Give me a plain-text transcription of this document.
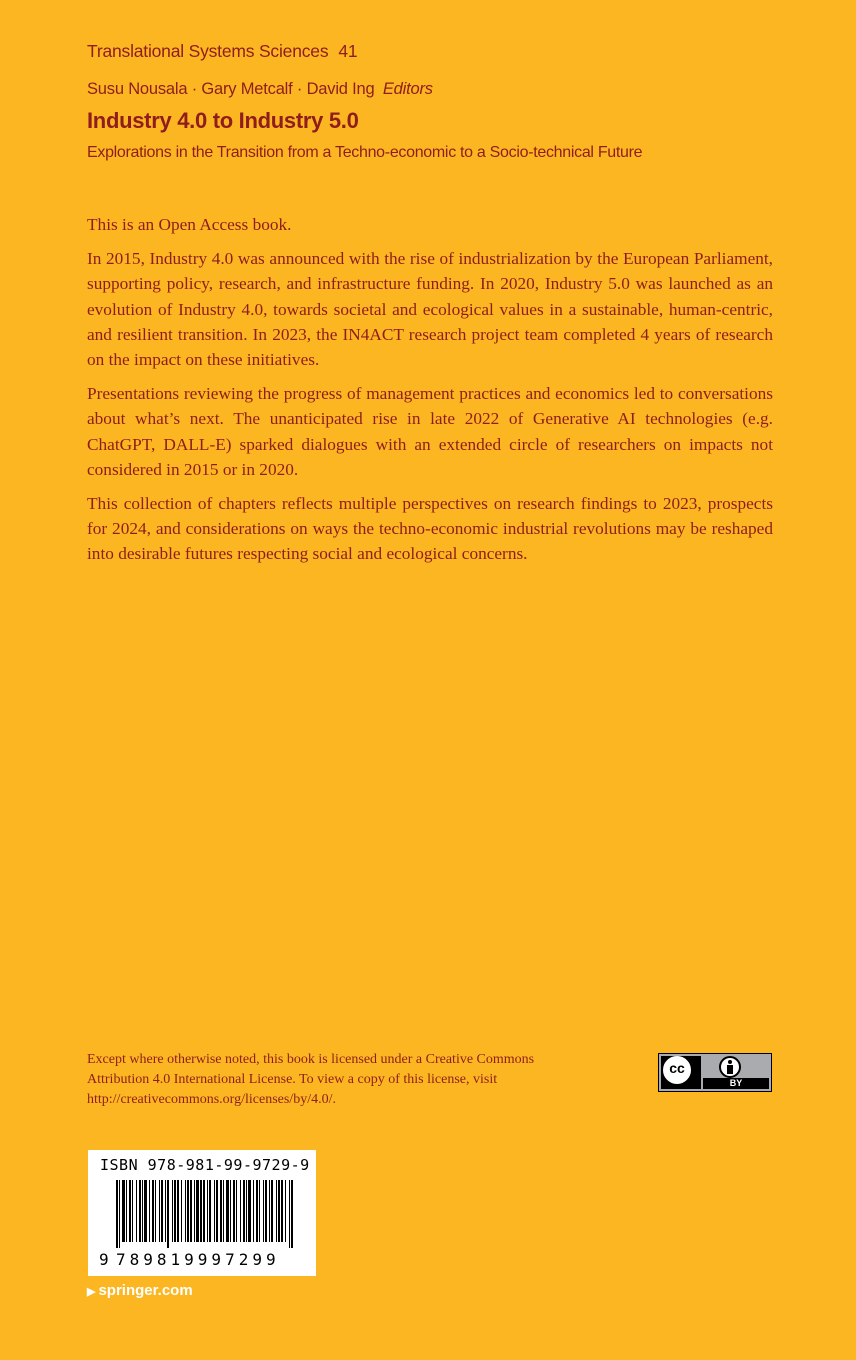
Translational Systems Sciences 41
Susu Nousala · Gary Metcalf · David Ing Editors
Industry 4.0 to Industry 5.0
Explorations in the Transition from a Techno-economic to a Socio-technical Future

This is an Open Access book.

In 2015, Industry 4.0 was announced with the rise of industrialization by the European Parliament, supporting policy, research, and infrastructure funding. In 2020, Industry 5.0 was launched as an evolution of Industry 4.0, towards societal and ecological values in a sustainable, human-centric, and resilient transition. In 2023, the IN4ACT research project team completed 4 years of research on the impact on these initiatives.

Presentations reviewing the progress of management practices and economics led to conversations about what’s next. The unanticipated rise in late 2022 of Generative AI technologies (e.g. ChatGPT, DALL-E) sparked dialogues with an extended circle of researchers on impacts not considered in 2015 or in 2020.

This collection of chapters reflects multiple perspectives on research findings to 2023, prospects for 2024, and considerations on ways the techno-economic industrial revolutions may be reshaped into desirable futures respecting social and ecological concerns.

Except where otherwise noted, this book is licensed under a Creative Commons Attribution 4.0 International License. To view a copy of this license, visit http://creativecommons.org/licenses/by/4.0/.
cc
BY
ISBN 978-981-99-9729-9
9 789819997299
▶ springer.com
